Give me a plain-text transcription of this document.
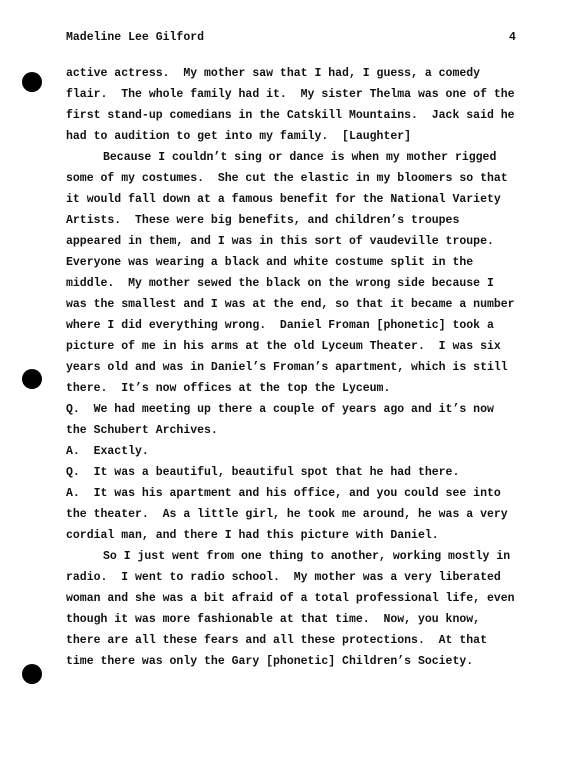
Madeline Lee Gilford	4
active actress.  My mother saw that I had, I guess, a comedy
flair.  The whole family had it.  My sister Thelma was one of the
first stand-up comedians in the Catskill Mountains.  Jack said he
had to audition to get into my family.  [Laughter]
Because I couldn’t sing or dance is when my mother rigged
some of my costumes.  She cut the elastic in my bloomers so that
it would fall down at a famous benefit for the National Variety
Artists.  These were big benefits, and children’s troupes
appeared in them, and I was in this sort of vaudeville troupe.
Everyone was wearing a black and white costume split in the
middle.  My mother sewed the black on the wrong side because I
was the smallest and I was at the end, so that it became a number
where I did everything wrong.  Daniel Froman [phonetic] took a
picture of me in his arms at the old Lyceum Theater.  I was six
years old and was in Daniel’s Froman’s apartment, which is still
there.  It’s now offices at the top the Lyceum.
Q.  We had meeting up there a couple of years ago and it’s now
the Schubert Archives.
A.  Exactly.
Q.  It was a beautiful, beautiful spot that he had there.
A.  It was his apartment and his office, and you could see into
the theater.  As a little girl, he took me around, he was a very
cordial man, and there I had this picture with Daniel.
So I just went from one thing to another, working mostly in
radio.  I went to radio school.  My mother was a very liberated
woman and she was a bit afraid of a total professional life, even
though it was more fashionable at that time.  Now, you know,
there are all these fears and all these protections.  At that
time there was only the Gary [phonetic] Children’s Society.
